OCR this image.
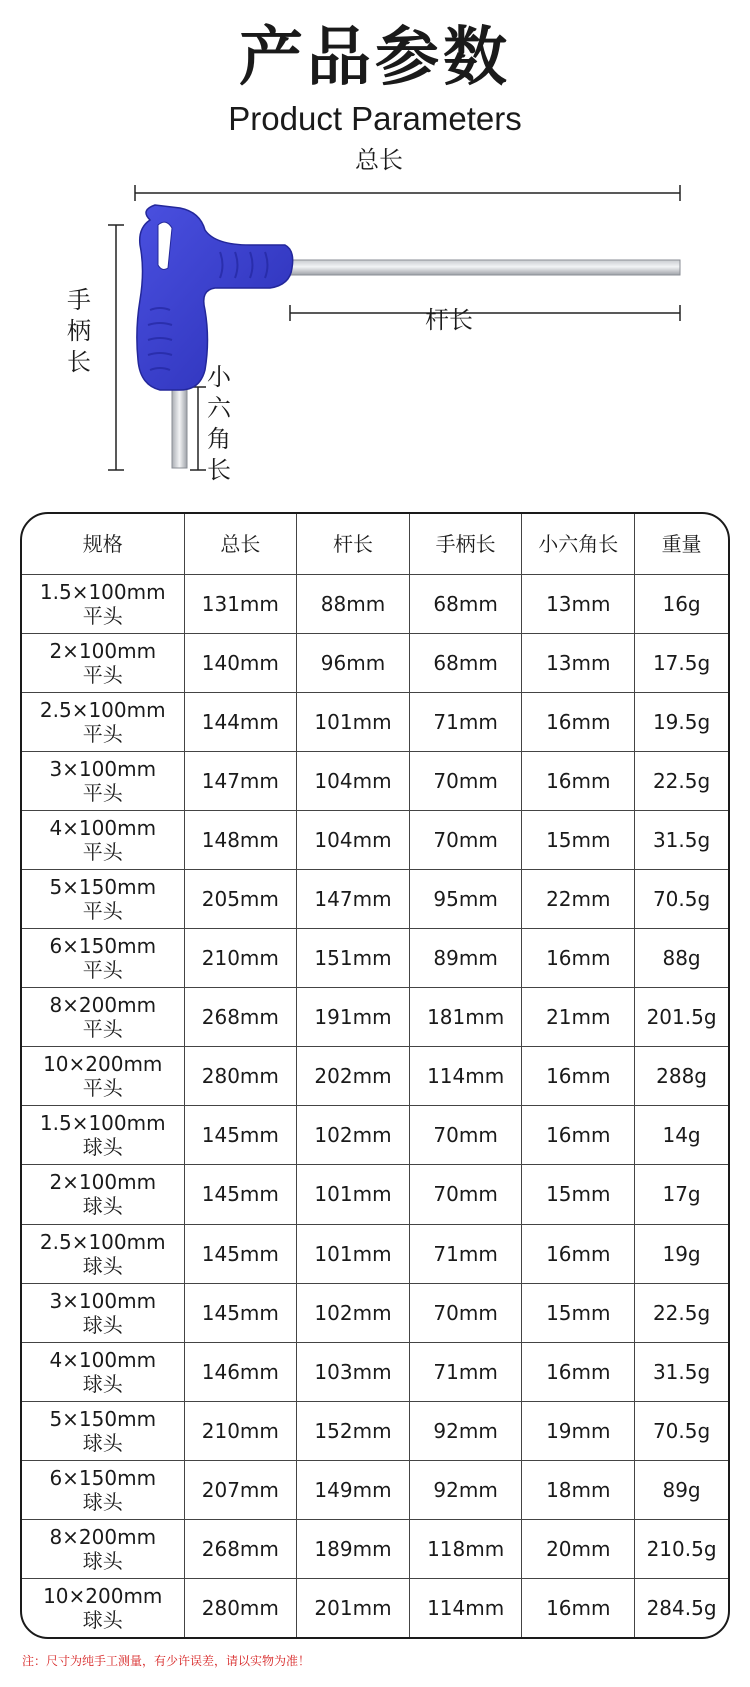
产品参数
Product Parameters
总长
杆长
手柄长
小六角长
规格	总长	杆长	手柄长	小六角长	重量

1.5×100mm
平头	131mm	88mm	68mm	13mm	16g

2×100mm
平头	140mm	96mm	68mm	13mm	17.5g

2.5×100mm
平头	144mm	101mm	71mm	16mm	19.5g

3×100mm
平头	147mm	104mm	70mm	16mm	22.5g

4×100mm
平头	148mm	104mm	70mm	15mm	31.5g

5×150mm
平头	205mm	147mm	95mm	22mm	70.5g

6×150mm
平头	210mm	151mm	89mm	16mm	88g

8×200mm
平头	268mm	191mm	181mm	21mm	201.5g

10×200mm
平头	280mm	202mm	114mm	16mm	288g

1.5×100mm
球头	145mm	102mm	70mm	16mm	14g

2×100mm
球头	145mm	101mm	70mm	15mm	17g

2.5×100mm
球头	145mm	101mm	71mm	16mm	19g

3×100mm
球头	145mm	102mm	70mm	15mm	22.5g

4×100mm
球头	146mm	103mm	71mm	16mm	31.5g

5×150mm
球头	210mm	152mm	92mm	19mm	70.5g

6×150mm
球头	207mm	149mm	92mm	18mm	89g

8×200mm
球头	268mm	189mm	118mm	20mm	210.5g

10×200mm
球头	280mm	201mm	114mm	16mm	284.5g
注：尺寸为纯手工测量，有少许误差，请以实物为准！
